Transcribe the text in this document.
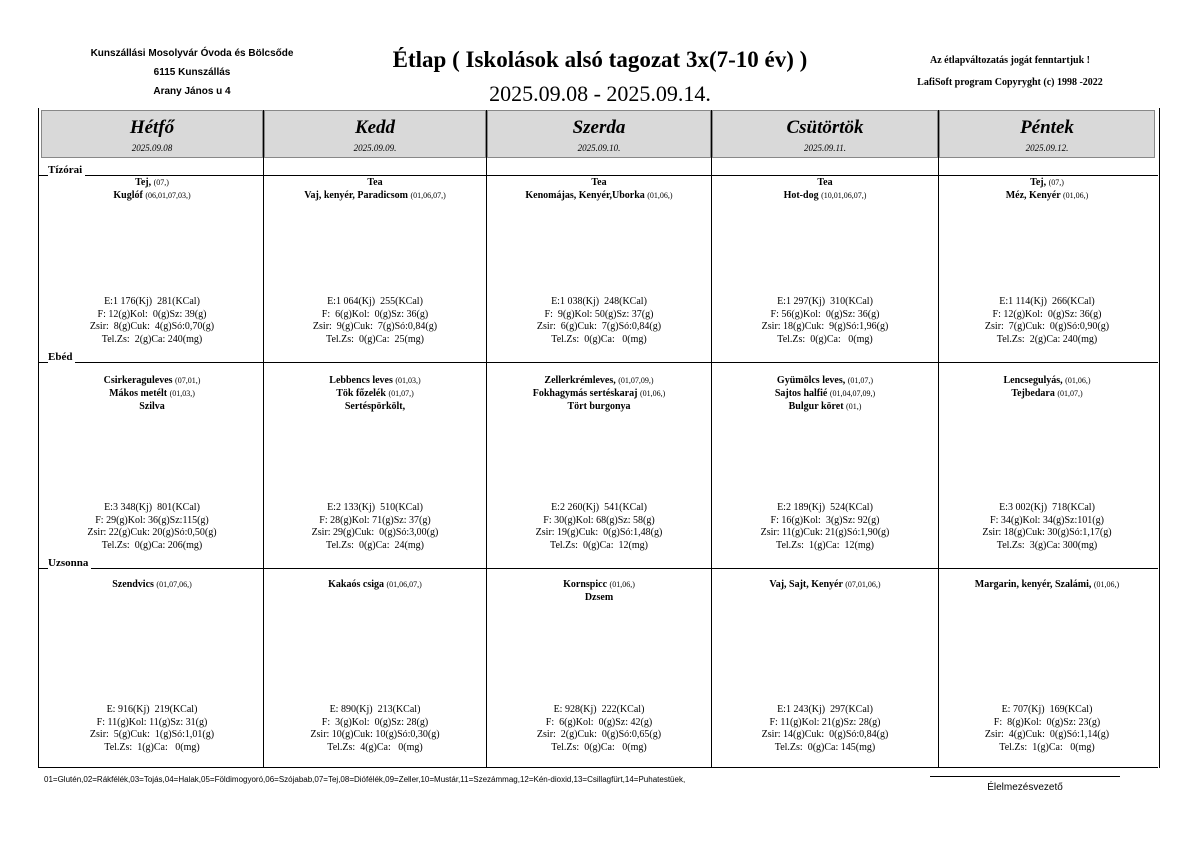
Kunszállási Mosolyvár Óvoda és Bölcsőde
6115 Kunszállás
Arany János u 4
Étlap ( Iskolások alsó tagozat 3x(7-10 év) )
2025.09.08 - 2025.09.14.
Az étlapváltozatás jogát fenntartjuk !
LafiSoft program Copyryght (c) 1998 -2022
Tízórai
Ebéd
Uzsonna
Hétfő
2025.09.08
Tej, (07,)
Kuglóf (06,01,07,03,)
E:1 176(Kj)  281(KCal)
F: 12(g)Kol:  0(g)Sz: 39(g)
Zsir:  8(g)Cuk:  4(g)Só:0,70(g)
Tel.Zs:  2(g)Ca: 240(mg)
Csirkeraguleves (07,01,)
Mákos metélt (01,03,)
Szilva
E:3 348(Kj)  801(KCal)
F: 29(g)Kol: 36(g)Sz:115(g)
Zsir: 22(g)Cuk: 20(g)Só:0,50(g)
Tel.Zs:  0(g)Ca: 206(mg)
Szendvics (01,07,06,)
E: 916(Kj)  219(KCal)
F: 11(g)Kol: 11(g)Sz: 31(g)
Zsir:  5(g)Cuk:  1(g)Só:1,01(g)
Tel.Zs:  1(g)Ca:   0(mg)
Kedd
2025.09.09.
Tea
Vaj, kenyér, Paradicsom (01,06,07,)
E:1 064(Kj)  255(KCal)
F:  6(g)Kol:  0(g)Sz: 36(g)
Zsir:  9(g)Cuk:  7(g)Só:0,84(g)
Tel.Zs:  0(g)Ca:  25(mg)
Lebbencs leves (01,03,)
Tök főzelék (01,07,)
Sertéspörkölt,
E:2 133(Kj)  510(KCal)
F: 28(g)Kol: 71(g)Sz: 37(g)
Zsir: 29(g)Cuk:  0(g)Só:3,00(g)
Tel.Zs:  0(g)Ca:  24(mg)
Kakaós csiga (01,06,07,)
E: 890(Kj)  213(KCal)
F:  3(g)Kol:  0(g)Sz: 28(g)
Zsir: 10(g)Cuk: 10(g)Só:0,30(g)
Tel.Zs:  4(g)Ca:   0(mg)
Szerda
2025.09.10.
Tea
Kenomájas, Kenyér,Uborka (01,06,)
E:1 038(Kj)  248(KCal)
F:  9(g)Kol: 50(g)Sz: 37(g)
Zsir:  6(g)Cuk:  7(g)Só:0,84(g)
Tel.Zs:  0(g)Ca:   0(mg)
Zellerkrémleves, (01,07,09,)
Fokhagymás sertéskaraj (01,06,)
Tört burgonya
E:2 260(Kj)  541(KCal)
F: 30(g)Kol: 68(g)Sz: 58(g)
Zsir: 19(g)Cuk:  0(g)Só:1,48(g)
Tel.Zs:  0(g)Ca:  12(mg)
Kornspicc (01,06,)
Dzsem
E: 928(Kj)  222(KCal)
F:  6(g)Kol:  0(g)Sz: 42(g)
Zsir:  2(g)Cuk:  0(g)Só:0,65(g)
Tel.Zs:  0(g)Ca:   0(mg)
Csütörtök
2025.09.11.
Tea
Hot-dog (10,01,06,07,)
E:1 297(Kj)  310(KCal)
F: 56(g)Kol:  0(g)Sz: 36(g)
Zsir: 18(g)Cuk:  9(g)Só:1,96(g)
Tel.Zs:  0(g)Ca:   0(mg)
Gyümölcs leves, (01,07,)
Sajtos halfié (01,04,07,09,)
Bulgur köret (01,)
E:2 189(Kj)  524(KCal)
F: 16(g)Kol:  3(g)Sz: 92(g)
Zsir: 11(g)Cuk: 21(g)Só:1,90(g)
Tel.Zs:  1(g)Ca:  12(mg)
Vaj, Sajt, Kenyér (07,01,06,)
E:1 243(Kj)  297(KCal)
F: 11(g)Kol: 21(g)Sz: 28(g)
Zsir: 14(g)Cuk:  0(g)Só:0,84(g)
Tel.Zs:  0(g)Ca: 145(mg)
Péntek
2025.09.12.
Tej, (07,)
Méz, Kenyér (01,06,)
E:1 114(Kj)  266(KCal)
F: 12(g)Kol:  0(g)Sz: 36(g)
Zsir:  7(g)Cuk:  0(g)Só:0,90(g)
Tel.Zs:  2(g)Ca: 240(mg)
Lencsegulyás, (01,06,)
Tejbedara (01,07,)
E:3 002(Kj)  718(KCal)
F: 34(g)Kol: 34(g)Sz:101(g)
Zsir: 18(g)Cuk: 30(g)Só:1,17(g)
Tel.Zs:  3(g)Ca: 300(mg)
Margarin, kenyér, Szalámi, (01,06,)
E: 707(Kj)  169(KCal)
F:  8(g)Kol:  0(g)Sz: 23(g)
Zsir:  4(g)Cuk:  0(g)Só:1,14(g)
Tel.Zs:  1(g)Ca:   0(mg)
01=Glutén,02=Rákfélék,03=Tojás,04=Halak,05=Földimogyoró,06=Szójabab,07=Tej,08=Diófélék,09=Zeller,10=Mustár,11=Szezámmag,12=Kén-dioxid,13=Csillagfürt,14=Puhatestüek,
Élelmezésvezető
